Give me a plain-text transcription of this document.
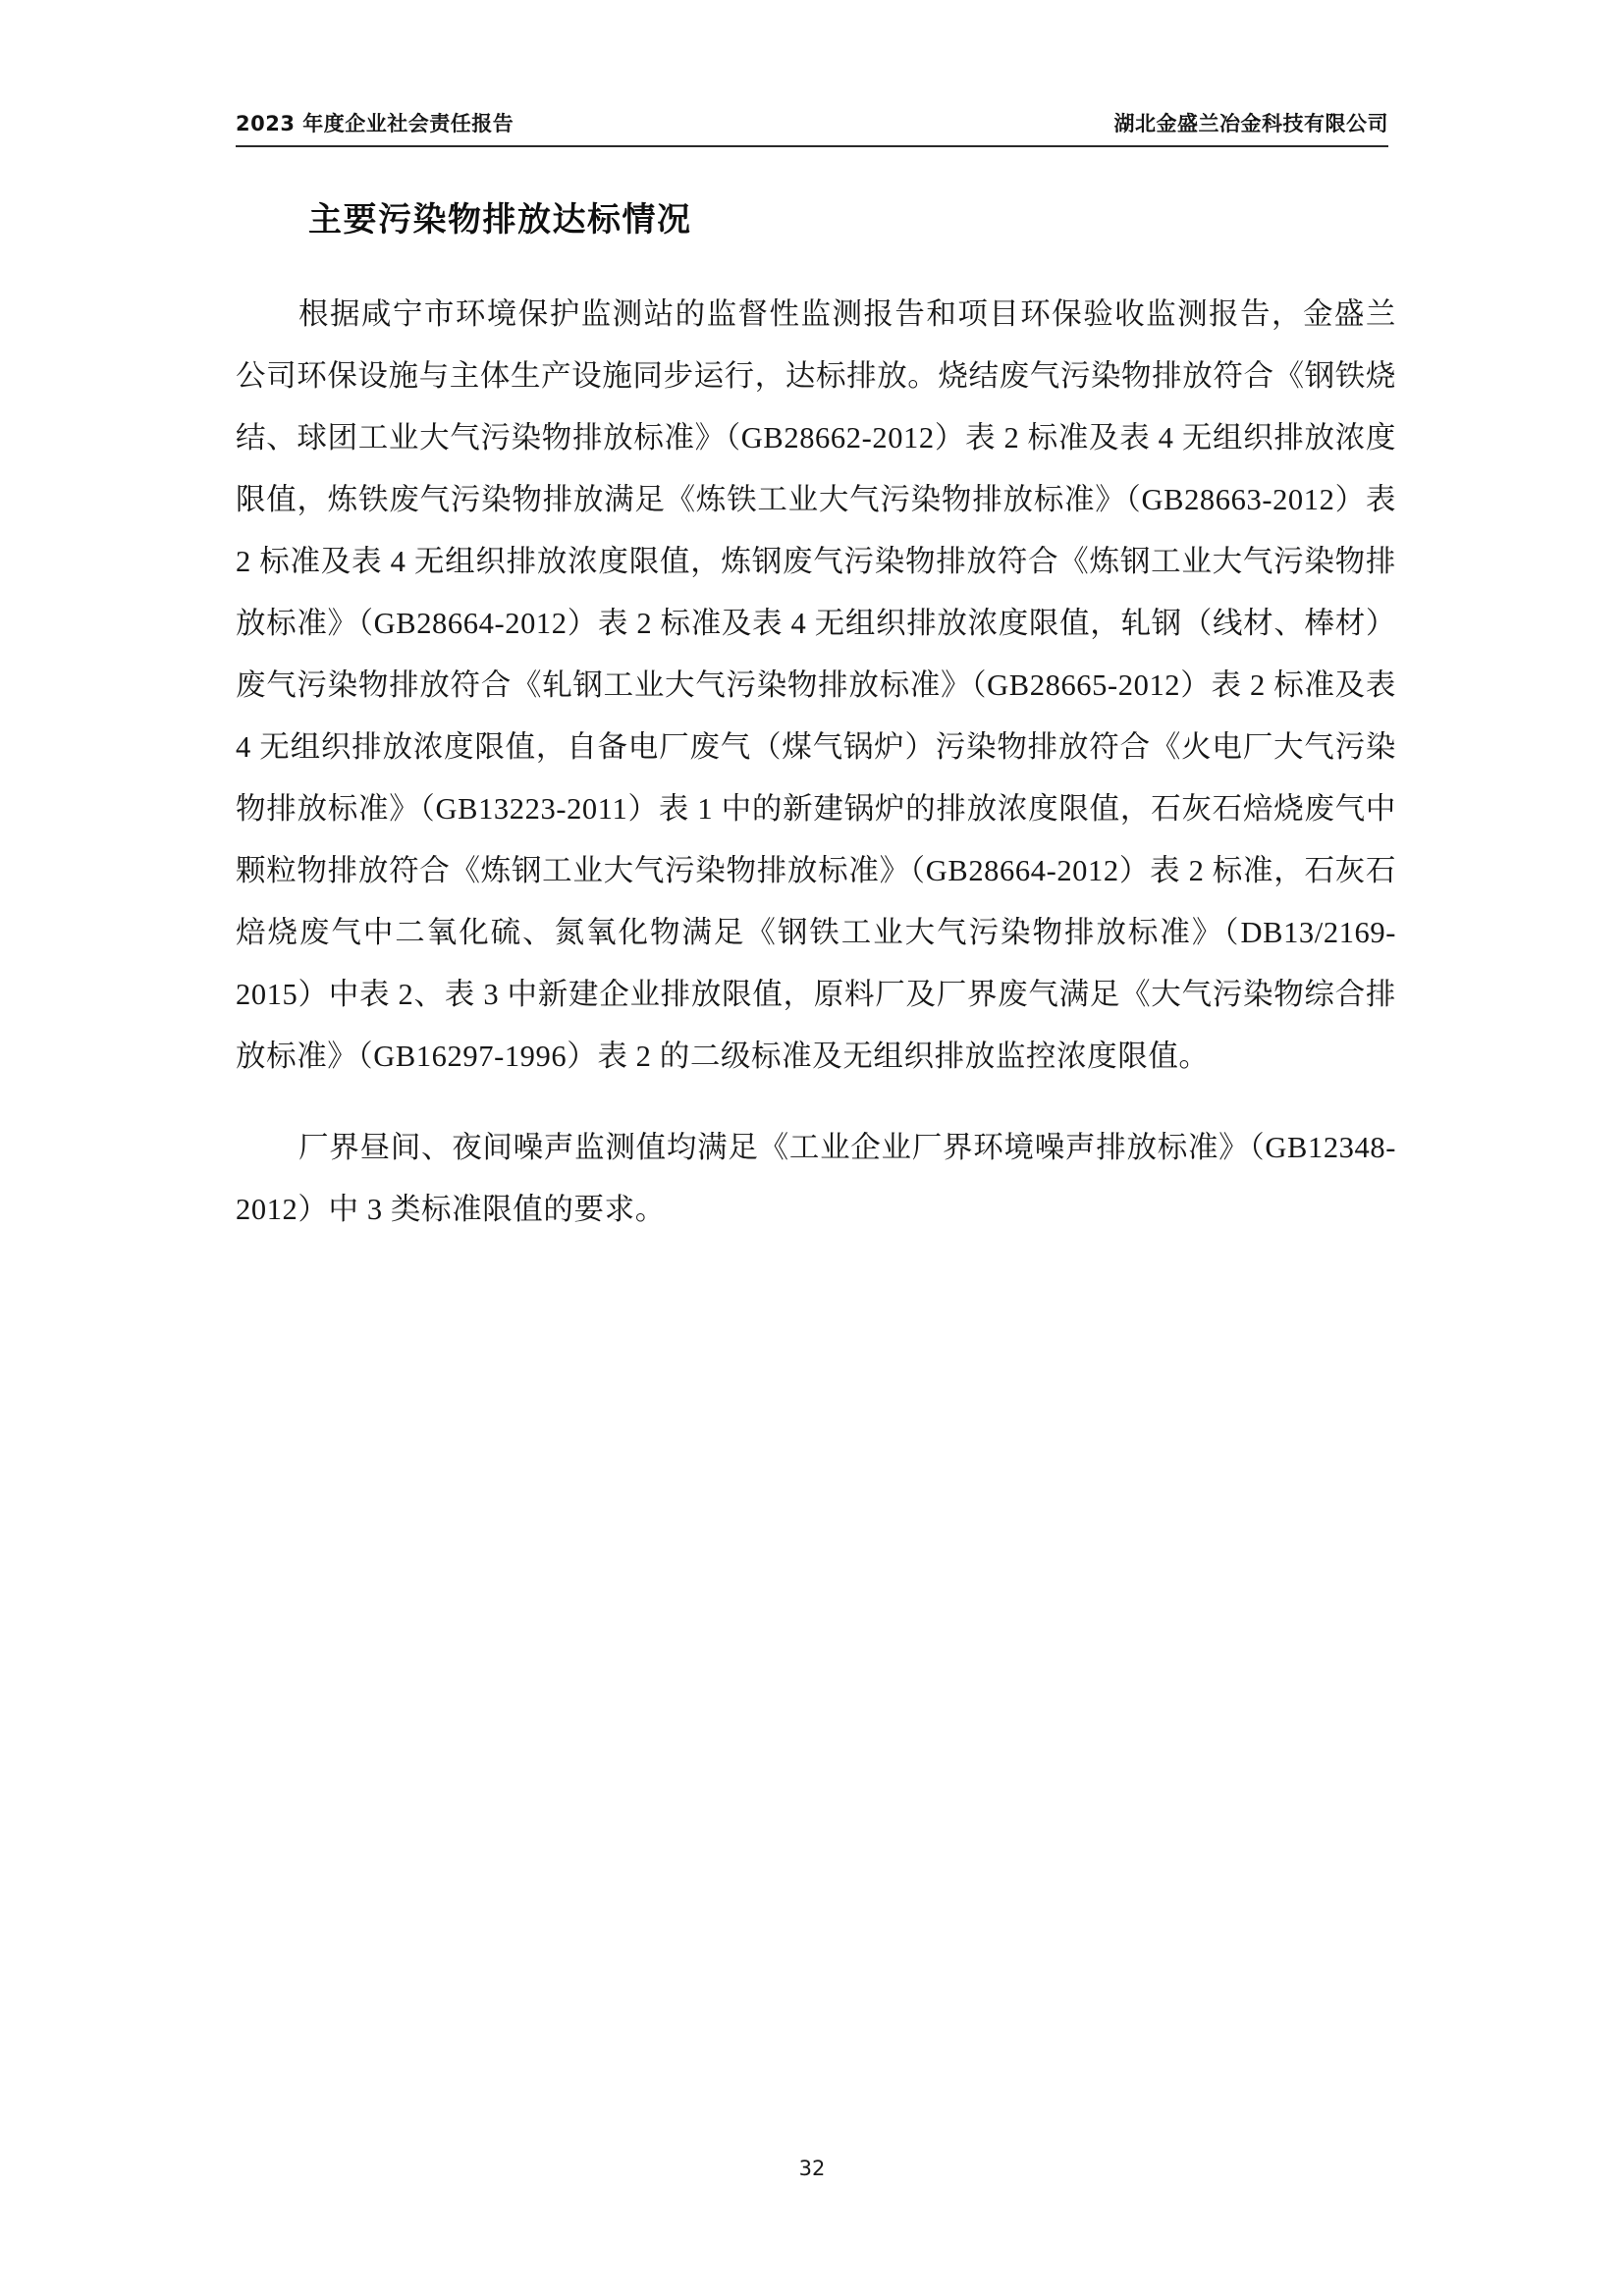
2023 年度企业社会责任报告	湖北金盛兰冶金科技有限公司
主要污染物排放达标情况

根据咸宁市环境保护监测站的监督性监测报告和项目环保验收监测报告，金盛兰公司环保设施与主体生产设施同步运行，达标排放。烧结废气污染物排放符合《钢铁烧结、球团工业大气污染物排放标准》（GB28662-2012）表 2 标准及表 4 无组织排放浓度限值，炼铁废气污染物排放满足《炼铁工业大气污染物排放标准》（GB28663-2012）表 2 标准及表 4 无组织排放浓度限值，炼钢废气污染物排放符合《炼钢工业大气污染物排放标准》（GB28664-2012）表 2 标准及表 4 无组织排放浓度限值，轧钢（线材、棒材）废气污染物排放符合《轧钢工业大气污染物排放标准》（GB28665-2012）表 2 标准及表 4 无组织排放浓度限值，自备电厂废气（煤气锅炉）污染物排放符合《火电厂大气污染物排放标准》（GB13223-2011）表 1 中的新建锅炉的排放浓度限值，石灰石焙烧废气中颗粒物排放符合《炼钢工业大气污染物排放标准》（GB28664-2012）表 2 标准，石灰石焙烧废气中二氧化硫、氮氧化物满足《钢铁工业大气污染物排放标准》（DB13/2169-2015）中表 2、表 3 中新建企业排放限值，原料厂及厂界废气满足《大气污染物综合排放标准》（GB16297-1996）表 2 的二级标准及无组织排放监控浓度限值。

厂界昼间、夜间噪声监测值均满足《工业企业厂界环境噪声排放标准》（GB12348-2012）中 3 类标准限值的要求。

32
